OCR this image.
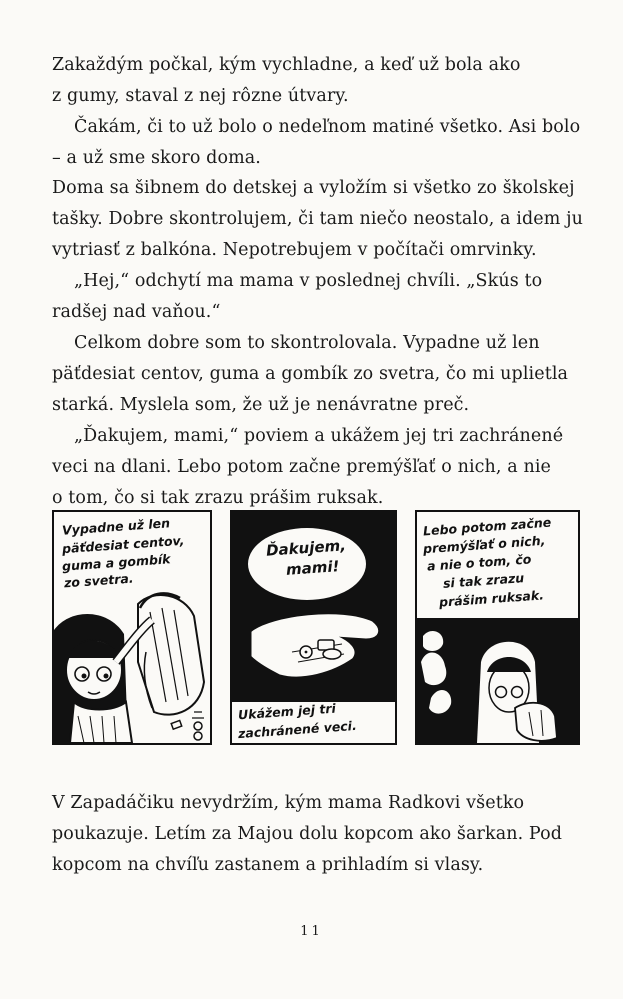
Zakaždým počkal, kým vychladne, a keď už bola ako
z gumy, staval z nej rôzne útvary.
Čakám, či to už bolo o nedeľnom matiné všetko. Asi bolo
– a už sme skoro doma.
Doma sa šibnem do detskej a vyložím si všetko zo školskej
tašky. Dobre skontrolujem, či tam niečo neostalo, a idem ju
vytriasť z balkóna. Nepotrebujem v počítači omrvinky.
„Hej,“ odchytí ma mama v poslednej chvíli. „Skús to
radšej nad vaňou.“
Celkom dobre som to skontrolovala. Vypadne už len
päťdesiat centov, guma a gombík zo svetra, čo mi uplietla
starká. Myslela som, že už je nenávratne preč.
„Ďakujem, mami,“ poviem a ukážem jej tri zachránené
veci na dlani. Lebo potom začne premýšľať o nich, a nie
o tom, čo si tak zrazu prášim ruksak.
Vypadne už len
päťdesiat centov,
guma a gombík
zo svetra.
Ďakujem,
mami!
Ukážem jej tri
zachránené veci.
Lebo potom začne
premýšľať o nich,
a nie o tom, čo
si tak zrazu
prášim ruksak.
V Zapadáčiku nevydržím, kým mama Radkovi všetko
poukazuje. Letím za Majou dolu kopcom ako šarkan. Pod
kopcom na chvíľu zastanem a prihladím si vlasy.
11
